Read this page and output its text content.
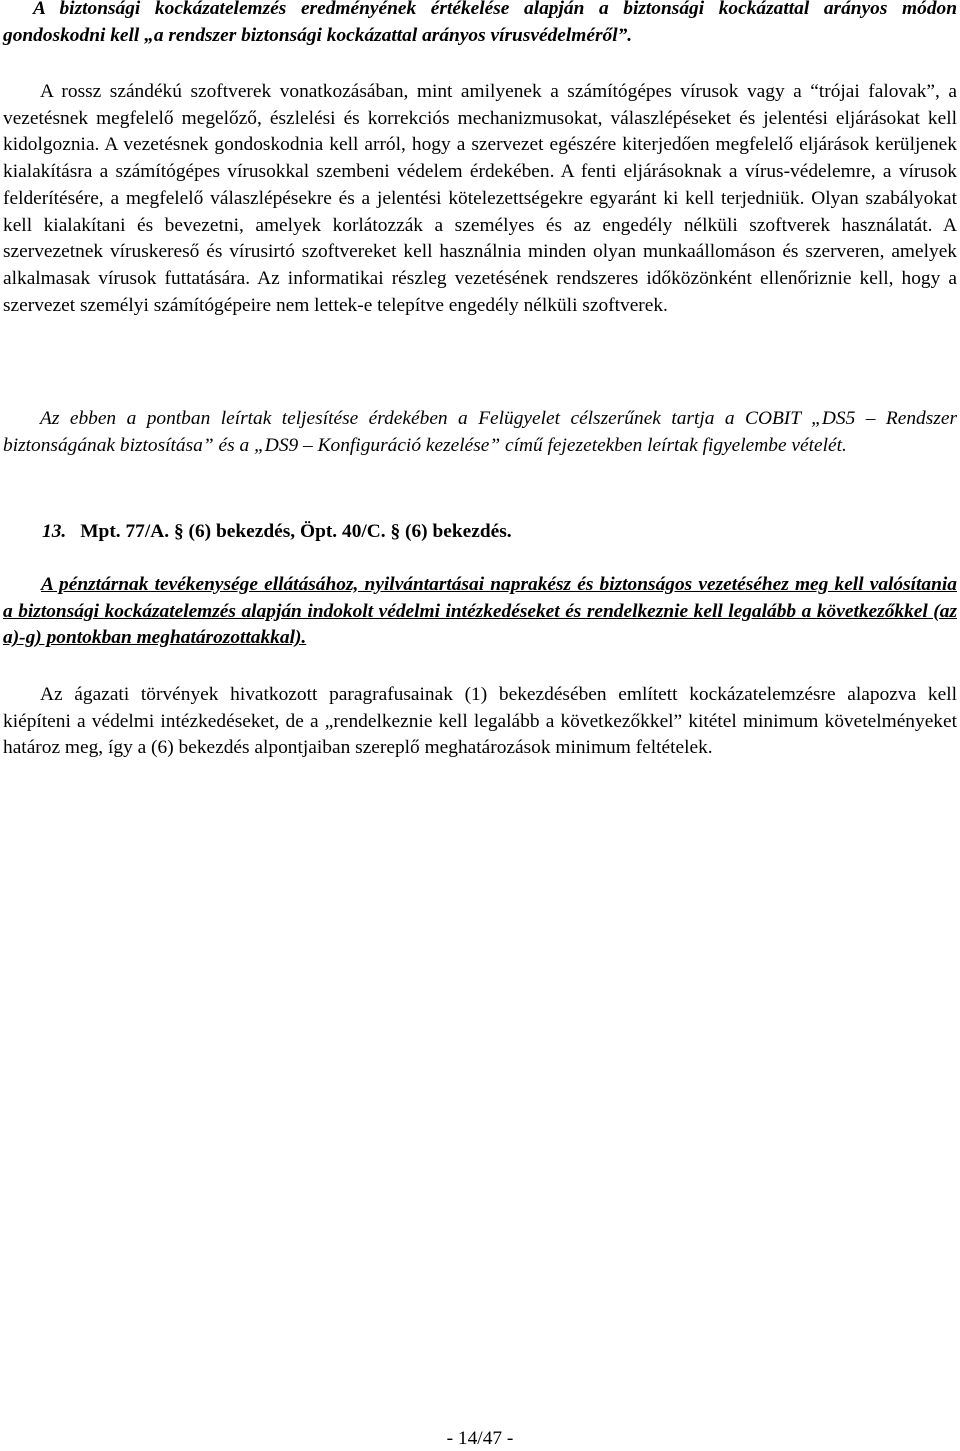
A biztonsági kockázatelemzés eredményének értékelése alapján a biztonsági kockázattal arányos módon gondoskodni kell „a rendszer biztonsági kockázattal arányos vírusvédelméről”.

A rossz szándékú szoftverek vonatkozásában, mint amilyenek a számítógépes vírusok vagy a “trójai falovak”, a vezetésnek megfelelő megelőző, észlelési és korrekciós mechanizmusokat, válaszlépéseket és jelentési eljárásokat kell kidolgoznia. A vezetésnek gondoskodnia kell arról, hogy a szervezet egészére kiterjedően megfelelő eljárások kerüljenek kialakításra a számítógépes vírusokkal szembeni védelem érdekében. A fenti eljárásoknak a vírus-védelemre, a vírusok felderítésére, a megfelelő válaszlépésekre és a jelentési kötelezettségekre egyaránt ki kell terjedniük. Olyan szabályokat kell kialakítani és bevezetni, amelyek korlátozzák a személyes és az engedély nélküli szoftverek használatát. A szervezetnek víruskereső és vírusirtó szoftvereket kell használnia minden olyan munkaállomáson és szerveren, amelyek alkalmasak vírusok futtatására. Az informatikai részleg vezetésének rendszeres időközönként ellenőriznie kell, hogy a szervezet személyi számítógépeire nem lettek-e telepítve engedély nélküli szoftverek.

Az ebben a pontban leírtak teljesítése érdekében a Felügyelet célszerűnek tartja a COBIT „DS5 – Rendszer biztonságának biztosítása” és a „DS9 – Konfiguráció kezelése” című fejezetekben leírtak figyelembe vételét.

13. Mpt. 77/A. § (6) bekezdés, Öpt. 40/C. § (6) bekezdés.

A pénztárnak tevékenysége ellátásához, nyilvántartásai naprakész és biztonságos vezetéséhez meg kell valósítania a biztonsági kockázatelemzés alapján indokolt védelmi intézkedéseket és rendelkeznie kell legalább a következőkkel (az a)-g) pontokban meghatározottakkal).

Az ágazati törvények hivatkozott paragrafusainak (1) bekezdésében említett kockázatelemzésre alapozva kell kiépíteni a védelmi intézkedéseket, de a „rendelkeznie kell legalább a következőkkel” kitétel minimum követelményeket határoz meg, így a (6) bekezdés alpontjaiban szereplő meghatározások minimum feltételek.

- 14/47 -
